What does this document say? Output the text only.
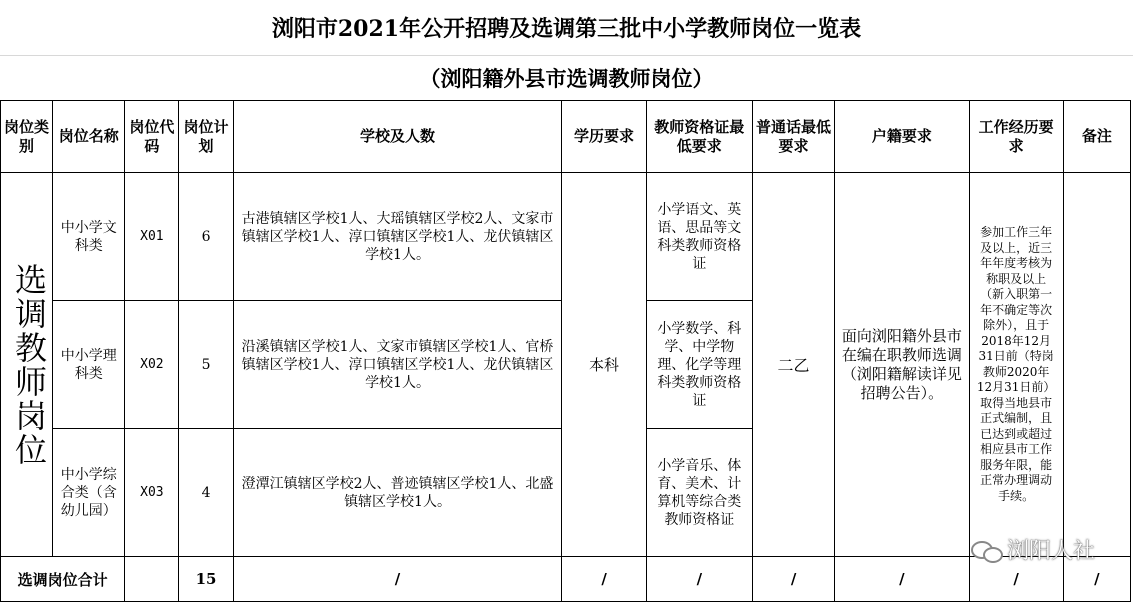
浏阳市2021年公开招聘及选调第三批中小学教师岗位一览表
（浏阳籍外县市选调教师岗位）
岗位类别	岗位名称	岗位代码	岗位计划	学校及人数	学历要求	教师资格证最低要求	普通话最低要求	户籍要求	工作经历要求	备注

选调教师岗位	中小学文科类	X01	6	古港镇辖区学校1人、大瑶镇辖区学校2人、文家市镇辖区学校1人、淳口镇辖区学校1人、龙伏镇辖区学校1人。	本科	小学语文、英语、思品等文科类教师资格证	二乙	面向浏阳籍外县市在编在职教师选调（浏阳籍解读详见招聘公告）。	参加工作三年及以上，近三年年度考核为称职及以上（新入职第一年不确定等次除外），且于2018年12月31日前（特岗教师2020年12月31日前）取得当地县市正式编制，且已达到或超过相应县市工作服务年限，能正常办理调动手续。	
	中小学理科类	X02	5	沿溪镇辖区学校1人、文家市镇辖区学校1人、官桥镇辖区学校1人、淳口镇辖区学校1人、龙伏镇辖区学校1人。		小学数学、科学、中学物理、化学等理科类教师资格证				
	中小学综合类（含幼儿园）	X03	4	澄潭江镇辖区学校2人、普迹镇辖区学校1人、北盛镇辖区学校1人。		小学音乐、体育、美术、计算机等综合类教师资格证				
选调岗位合计			15	/	/	/	/	/	/	/
浏阳人社
